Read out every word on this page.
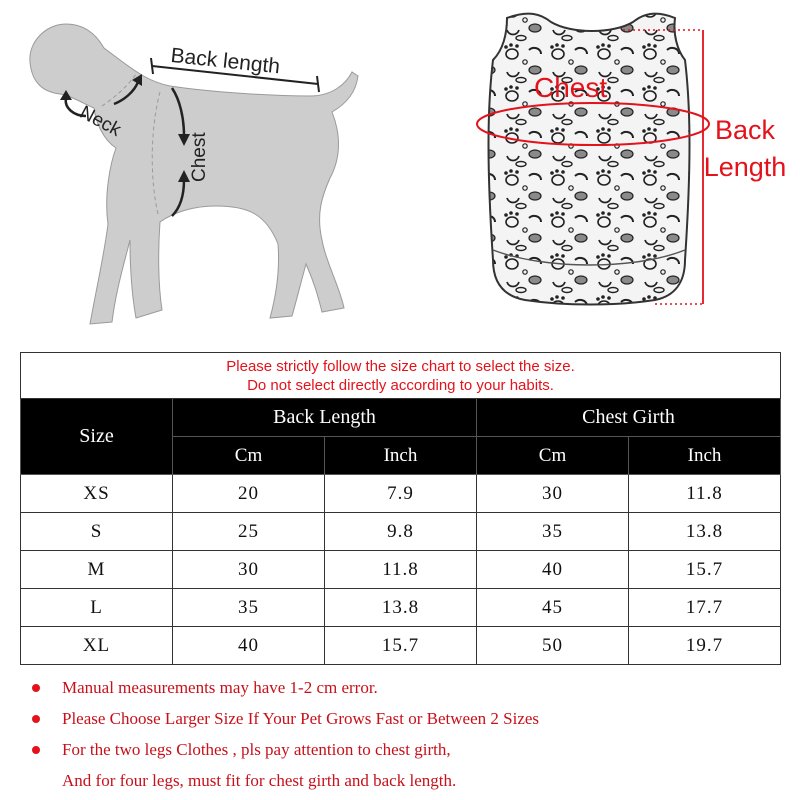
Back length
Neck
Chest
Chest
Back
Length
Please strictly follow the size chart to select the size.
Do not select directly according to your habits.				

Size	Back Length		Chest Girth	
	Cm	Inch	Cm	Inch
XS	20	7.9	30	11.8
S	25	9.8	35	13.8
M	30	11.8	40	15.7
L	35	13.8	45	17.7
XL	40	15.7	50	19.7
Manual measurements may have 1-2 cm error.
Please Choose Larger Size If Your Pet Grows Fast or Between 2 Sizes
For the two legs Clothes , pls pay attention to chest girth,
And for four legs, must fit for chest girth and back length.
